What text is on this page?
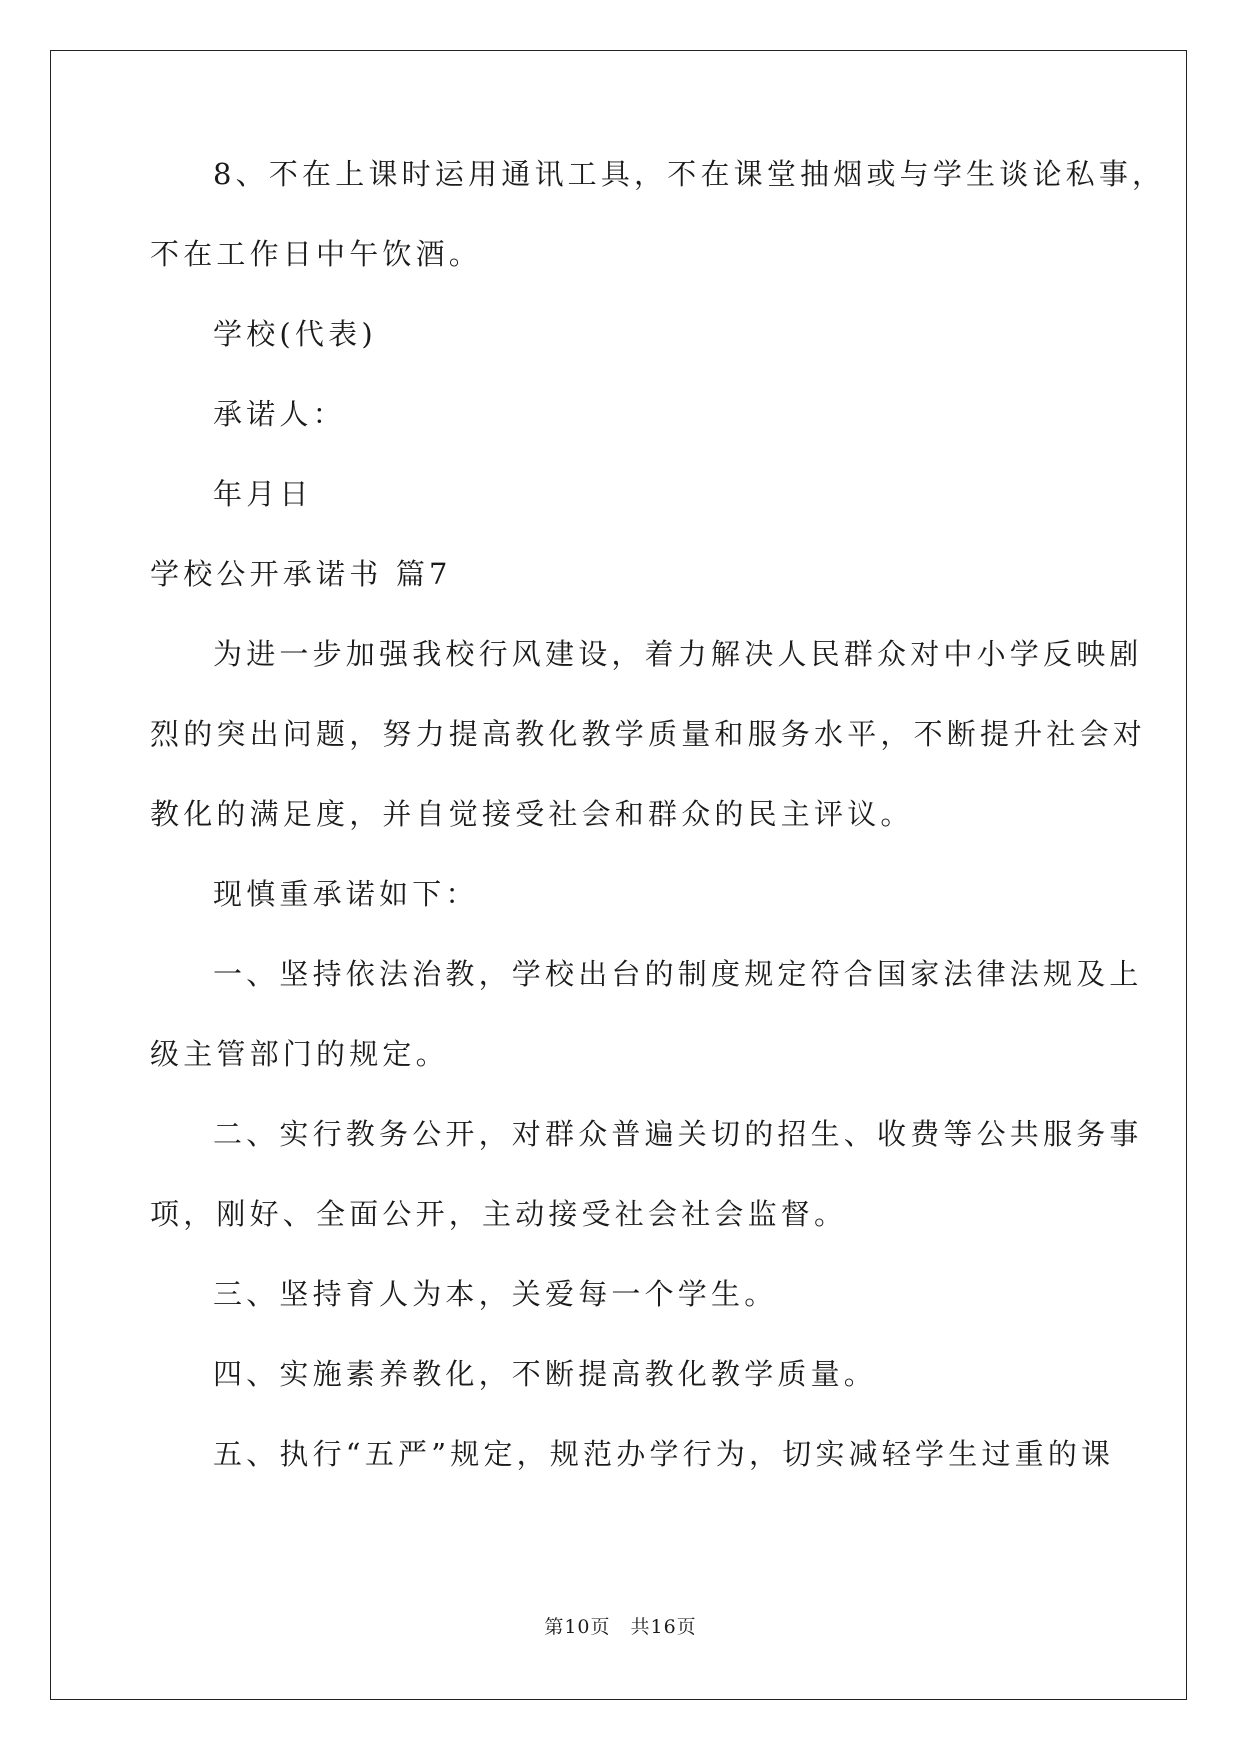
8、不在上课时运用通讯工具，不在课堂抽烟或与学生谈论私事，
不在工作日中午饮酒。
学校(代表)
承诺人：
年月日
学校公开承诺书 篇7
为进一步加强我校行风建设，着力解决人民群众对中小学反映剧
烈的突出问题，努力提高教化教学质量和服务水平，不断提升社会对
教化的满足度，并自觉接受社会和群众的民主评议。
现慎重承诺如下：
一、坚持依法治教，学校出台的制度规定符合国家法律法规及上
级主管部门的规定。
二、实行教务公开，对群众普遍关切的招生、收费等公共服务事
项，刚好、全面公开，主动接受社会社会监督。
三、坚持育人为本，关爱每一个学生。
四、实施素养教化，不断提高教化教学质量。
五、执行“五严”规定，规范办学行为，切实减轻学生过重的课
第10页 共16页
